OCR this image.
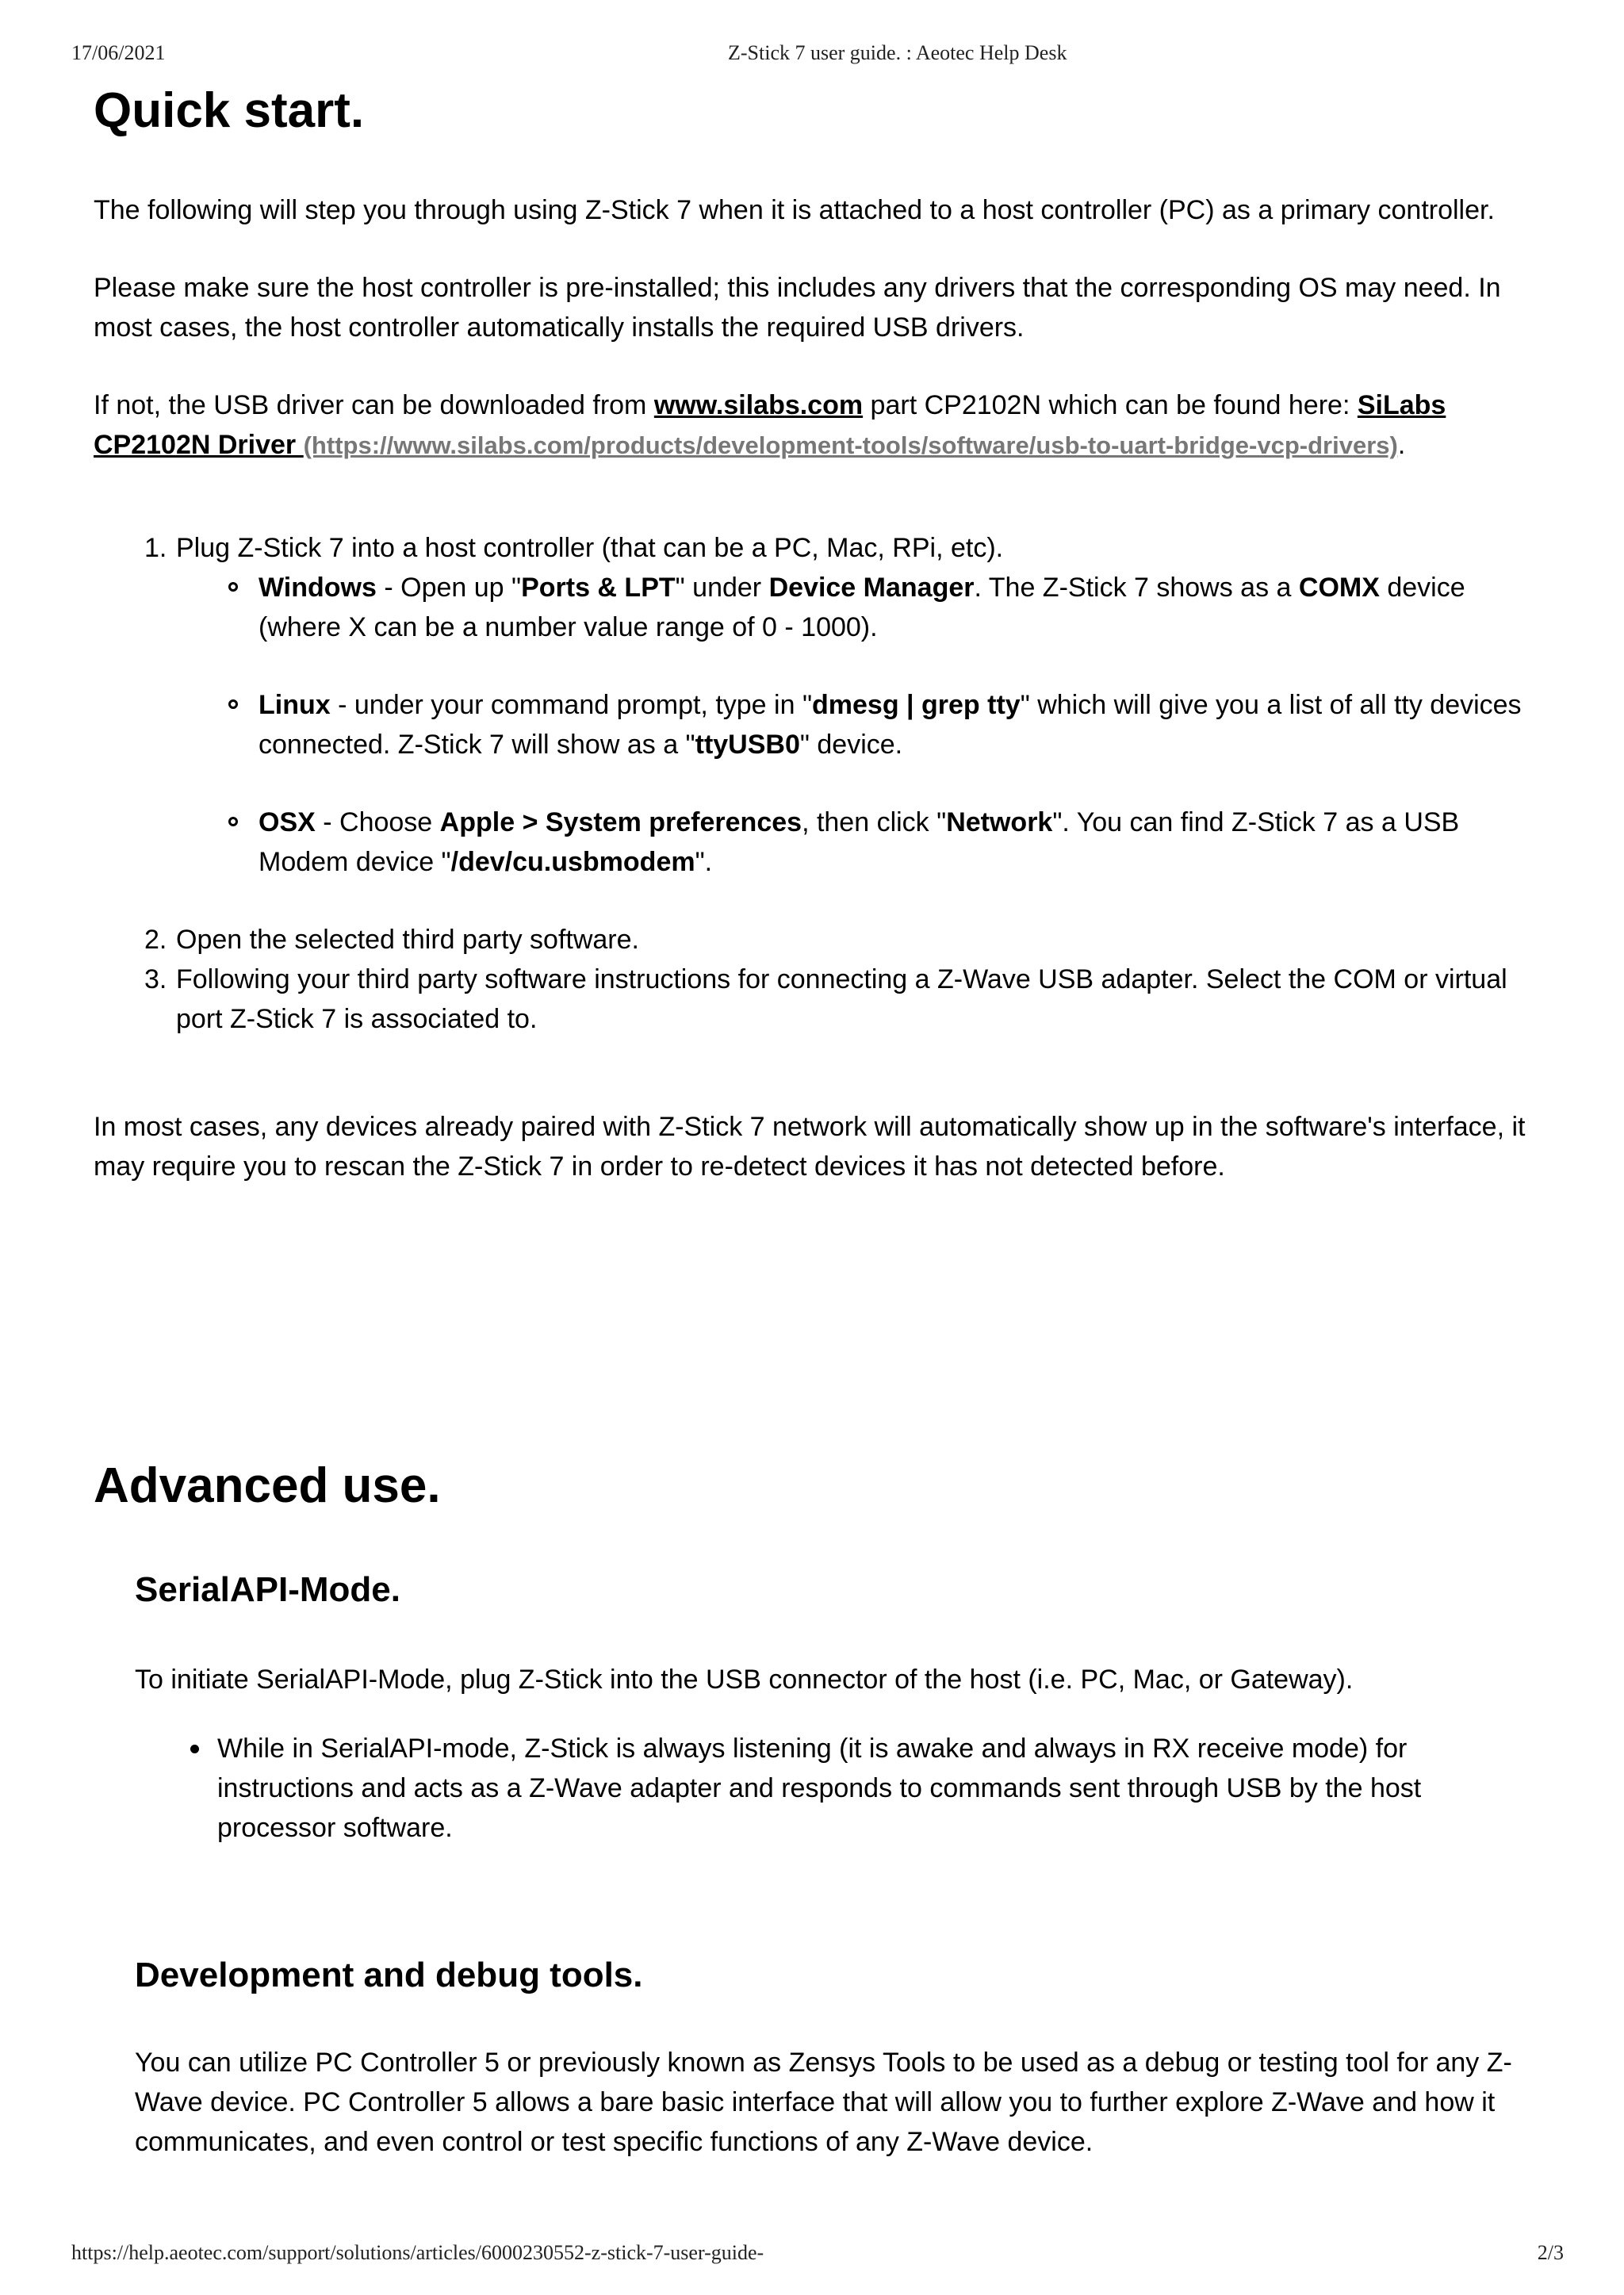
17/06/2021	Z-Stick 7 user guide. : Aeotec Help Desk
Quick start.

The following will step you through using Z-Stick 7 when it is attached to a host controller (PC) as a primary controller.

Please make sure the host controller is pre-installed; this includes any drivers that the corresponding OS may need. In most cases, the host controller automatically installs the required USB drivers.

If not, the USB driver can be downloaded from www.silabs.com part CP2102N which can be found here: SiLabs CP2102N Driver (https://www.silabs.com/products/development-tools/software/usb-to-uart-bridge-vcp-drivers).

1. Plug Z-Stick 7 into a host controller (that can be a PC, Mac, RPi, etc).
Windows - Open up "Ports & LPT" under Device Manager. The Z-Stick 7 shows as a COMX device (where X can be a number value range of 0 - 1000).
Linux - under your command prompt, type in "dmesg | grep tty" which will give you a list of all tty devices connected. Z-Stick 7 will show as a "ttyUSB0" device.
OSX - Choose Apple > System preferences, then click "Network". You can find Z-Stick 7 as a USB Modem device "/dev/cu.usbmodem".
2. Open the selected third party software.
3. Following your third party software instructions for connecting a Z-Wave USB adapter. Select the COM or virtual port Z-Stick 7 is associated to.

In most cases, any devices already paired with Z-Stick 7 network will automatically show up in the software's interface, it may require you to rescan the Z-Stick 7 in order to re-detect devices it has not detected before.

Advanced use.
SerialAPI-Mode.

To initiate SerialAPI-Mode, plug Z-Stick into the USB connector of the host (i.e. PC, Mac, or Gateway).

While in SerialAPI-mode, Z-Stick is always listening (it is awake and always in RX receive mode) for instructions and acts as a Z-Wave adapter and responds to commands sent through USB by the host processor software.
Development and debug tools.

You can utilize PC Controller 5 or previously known as Zensys Tools to be used as a debug or testing tool for any Z-Wave device. PC Controller 5 allows a bare basic interface that will allow you to further explore Z-Wave and how it communicates, and even control or test specific functions of any Z-Wave device.

https://help.aeotec.com/support/solutions/articles/6000230552-z-stick-7-user-guide-	2/3
